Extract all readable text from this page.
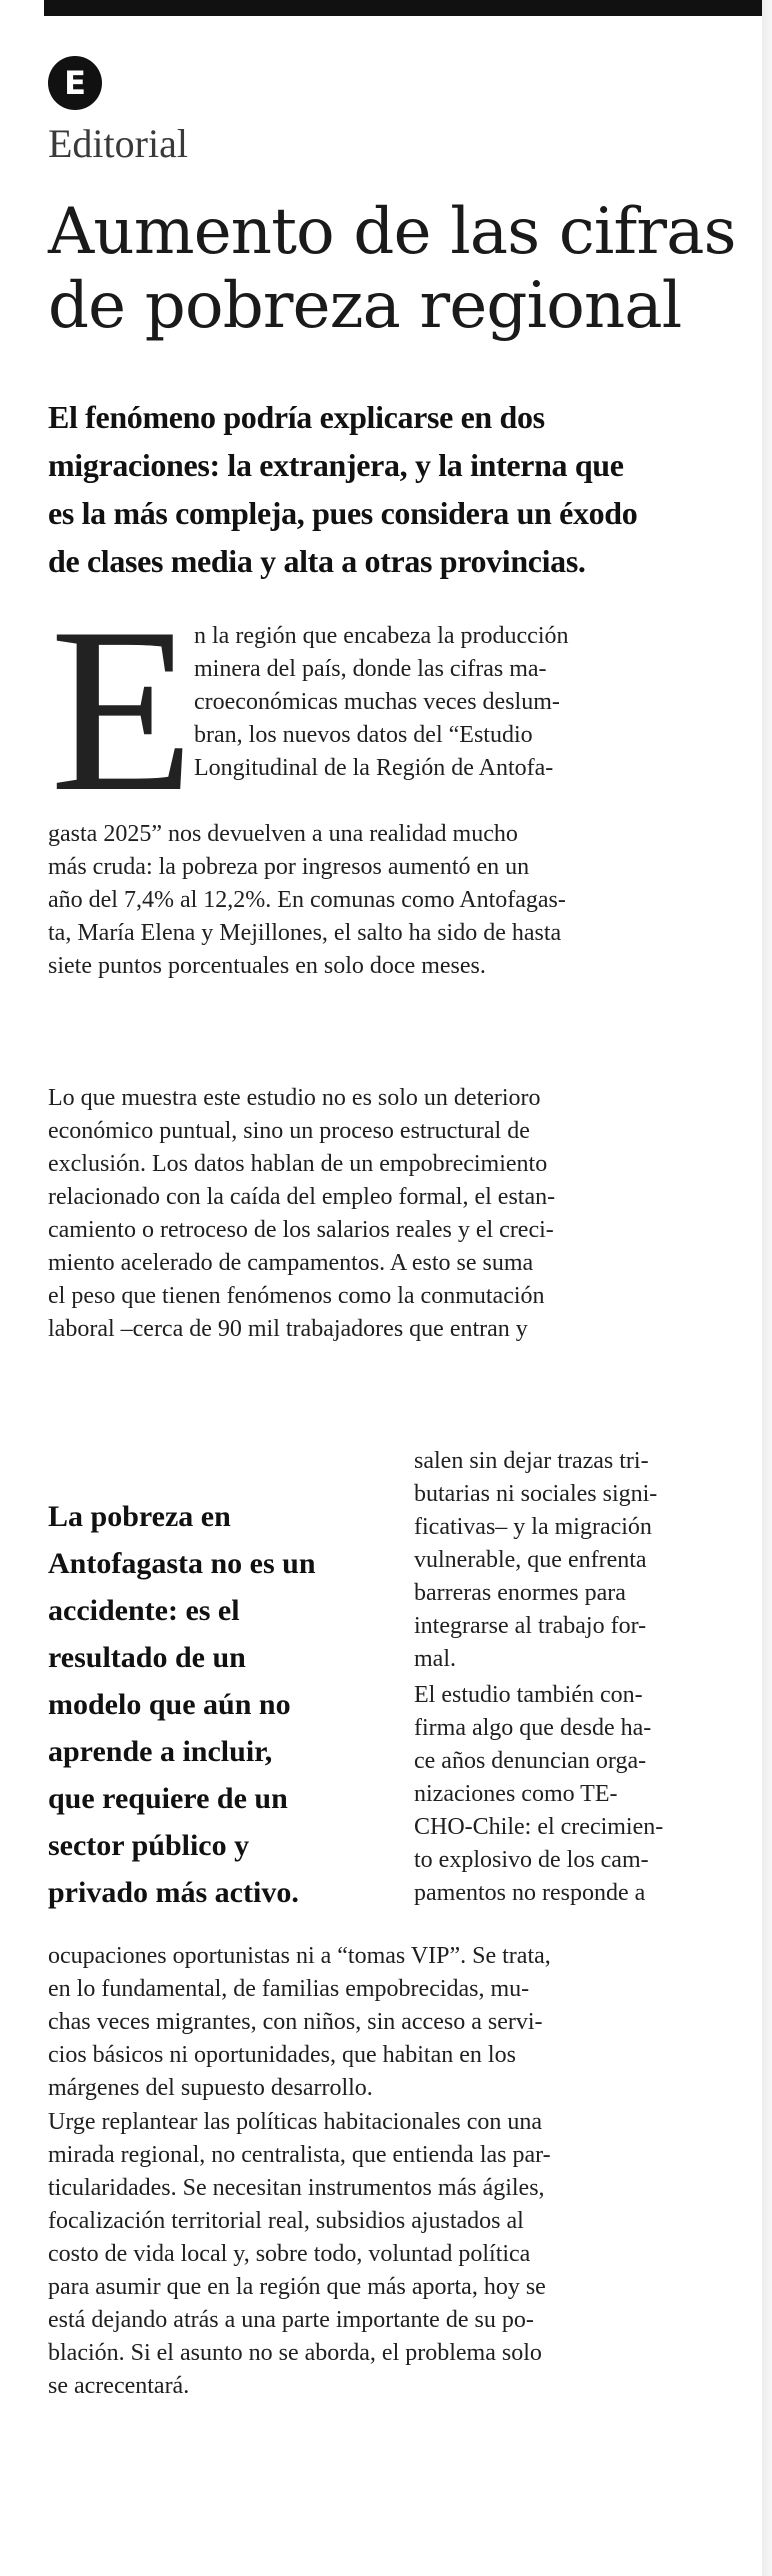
E
Editorial
Aumento de las cifras
de pobreza regional

El fenómeno podría explicarse en dos
migraciones: la extranjera, y la interna que
es la más compleja, pues considera un éxodo
de clases media y alta a otras provincias.

E n la región que encabeza la producción
minera del país, donde las cifras ma-
croeconómicas muchas veces deslum-
bran, los nuevos datos del “Estudio
Longitudinal de la Región de Antofa-

gasta 2025” nos devuelven a una realidad mucho
más cruda: la pobreza por ingresos aumentó en un
año del 7,4% al 12,2%. En comunas como Antofagas-
ta, María Elena y Mejillones, el salto ha sido de hasta
siete puntos porcentuales en solo doce meses.

Lo que muestra este estudio no es solo un deterioro
económico puntual, sino un proceso estructural de
exclusión. Los datos hablan de un empobrecimiento
relacionado con la caída del empleo formal, el estan-
camiento o retroceso de los salarios reales y el creci-
miento acelerado de campamentos. A esto se suma
el peso que tienen fenómenos como la conmutación
laboral –cerca de 90 mil trabajadores que entran y

La pobreza en
Antofagasta no es un
accidente: es el
resultado de un
modelo que aún no
aprende a incluir,
que requiere de un
sector público y
privado más activo.

salen sin dejar trazas tri-
butarias ni sociales signi-
ficativas– y la migración
vulnerable, que enfrenta
barreras enormes para
integrarse al trabajo for-
mal.

El estudio también con-
firma algo que desde ha-
ce años denuncian orga-
nizaciones como TE-
CHO-Chile: el crecimien-
to explosivo de los cam-
pamentos no responde a

ocupaciones oportunistas ni a “tomas VIP”. Se trata,
en lo fundamental, de familias empobrecidas, mu-
chas veces migrantes, con niños, sin acceso a servi-
cios básicos ni oportunidades, que habitan en los
márgenes del supuesto desarrollo.

Urge replantear las políticas habitacionales con una
mirada regional, no centralista, que entienda las par-
ticularidades. Se necesitan instrumentos más ágiles,
focalización territorial real, subsidios ajustados al
costo de vida local y, sobre todo, voluntad política
para asumir que en la región que más aporta, hoy se
está dejando atrás a una parte importante de su po-
blación. Si el asunto no se aborda, el problema solo
se acrecentará.
